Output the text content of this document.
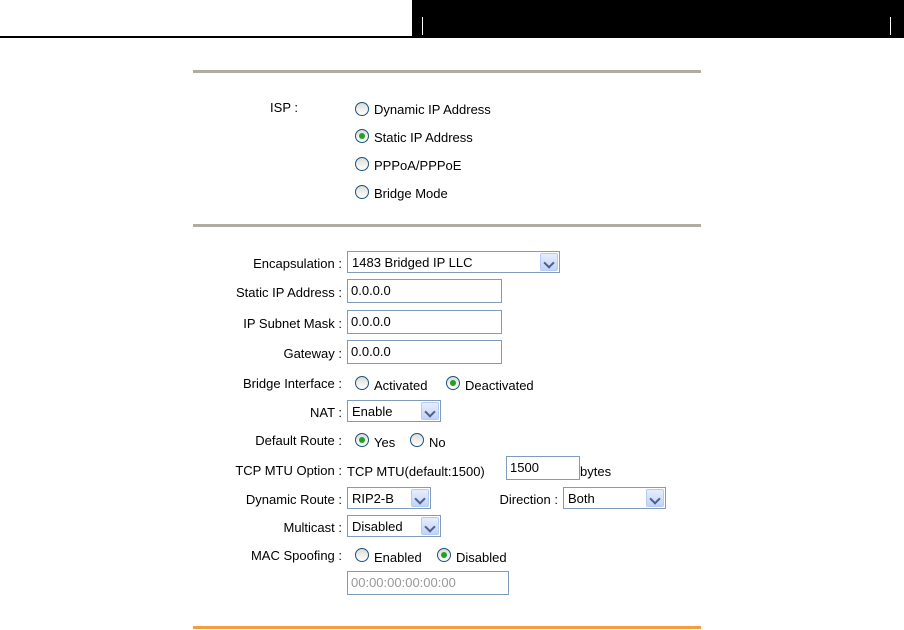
ISP :	Dynamic IP Address
Static IP Address
PPPoA/PPPoE
Bridge Mode
Encapsulation : 1483 Bridged IP LLC
Static IP Address : 0.0.0.0
IP Subnet Mask : 0.0.0.0
Gateway : 0.0.0.0
Bridge Interface : Activated	Deactivated
NAT : Enable
Default Route : Yes	No
TCP MTU Option : TCP MTU(default:1500)	1500	bytes
Dynamic Route : RIP2-B	Direction : Both
Multicast : Disabled
MAC Spoofing : Enabled	Disabled
00:00:00:00:00:00
